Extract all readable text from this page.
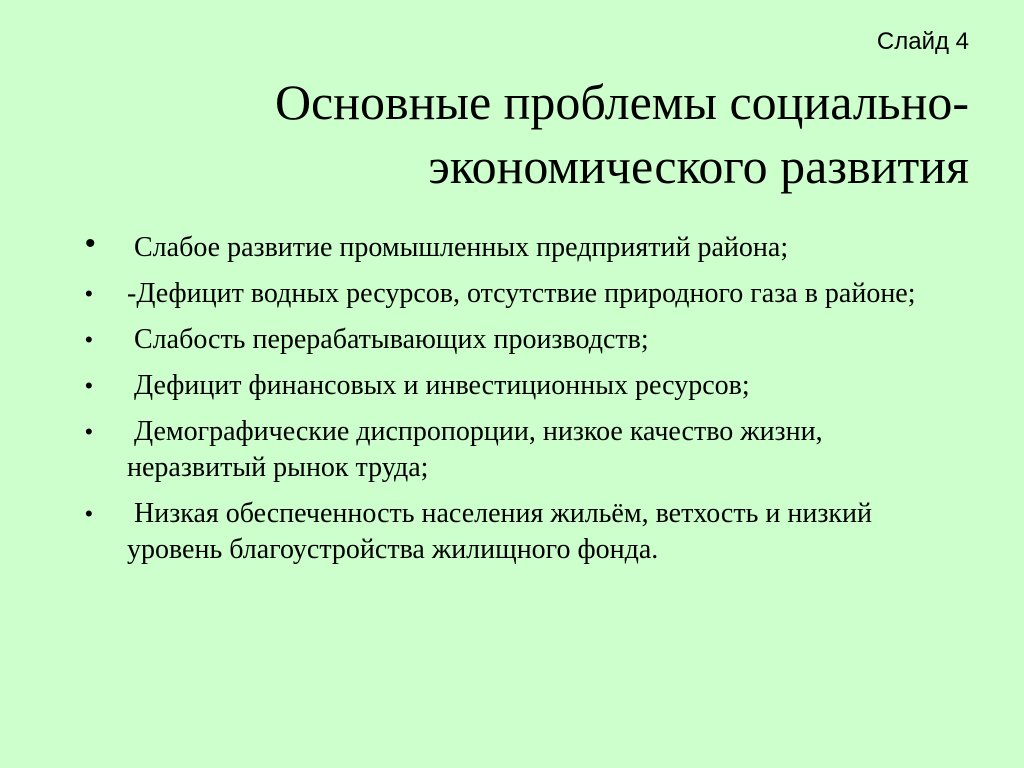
Слайд 4
Основные проблемы социально-
экономического развития
• Слабое развитие промышленных предприятий района;
• -Дефицит водных ресурсов, отсутствие природного газа в районе;
• Слабость перерабатывающих производств;
• Дефицит финансовых и инвестиционных ресурсов;
• Демографические диспропорции, низкое качество жизни, неразвитый рынок труда;
• Низкая обеспеченность населения жильём, ветхость и низкий уровень благоустройства жилищного фонда.
